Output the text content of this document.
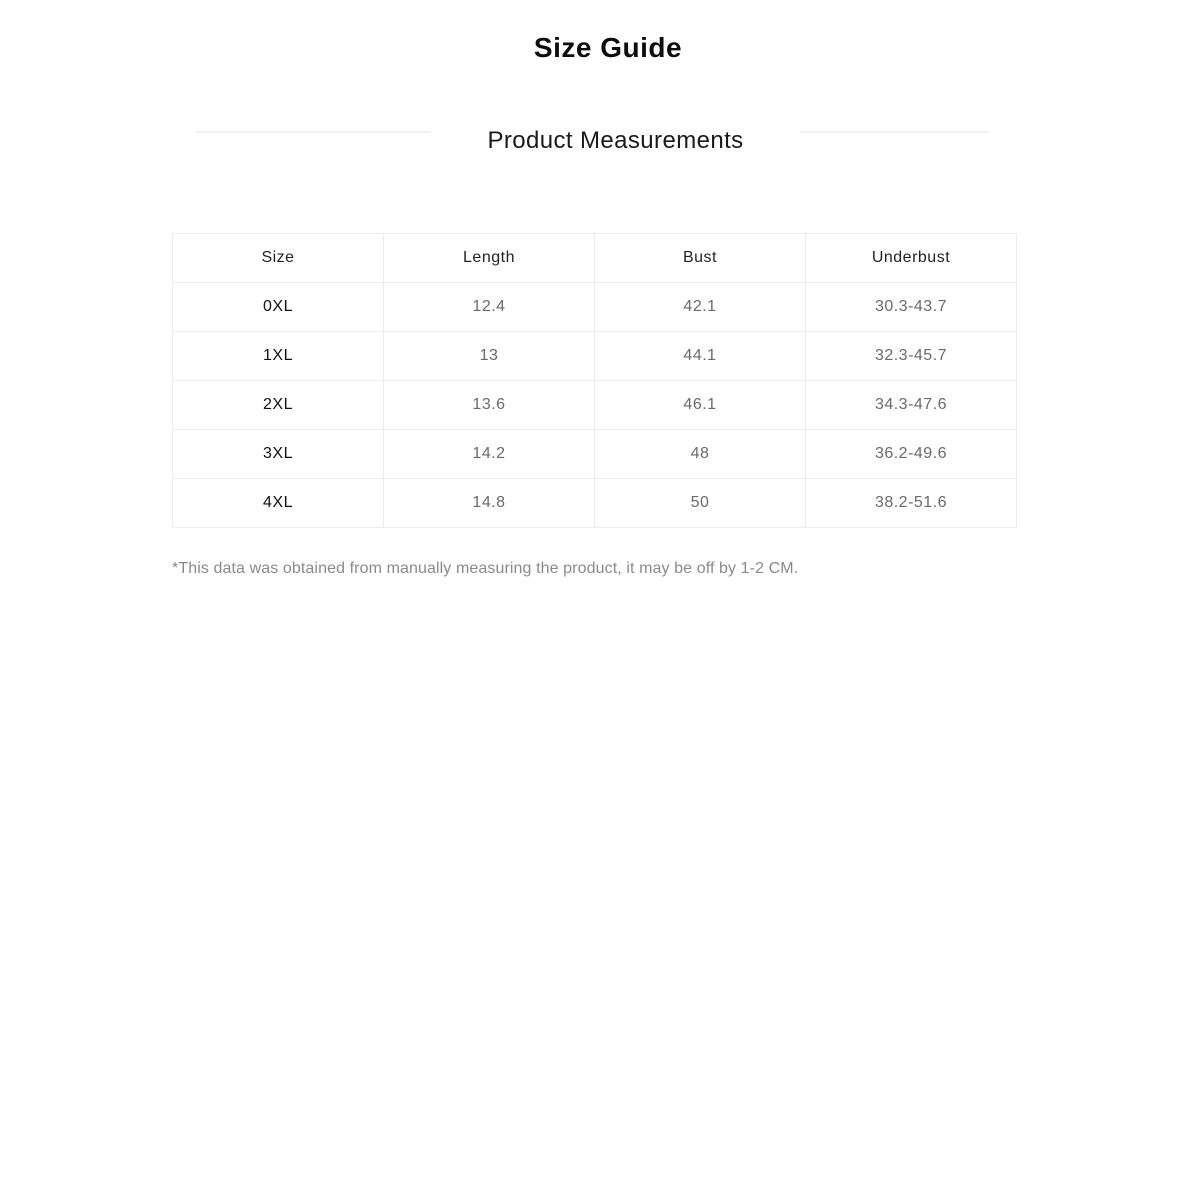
Size Guide
Product Measurements
Size	Length	Bust	Underbust
0XL	12.4	42.1	30.3-43.7
1XL	13	44.1	32.3-45.7
2XL	13.6	46.1	34.3-47.6
3XL	14.2	48	36.2-49.6
4XL	14.8	50	38.2-51.6

*This data was obtained from manually measuring the product, it may be off by 1-2 CM.
